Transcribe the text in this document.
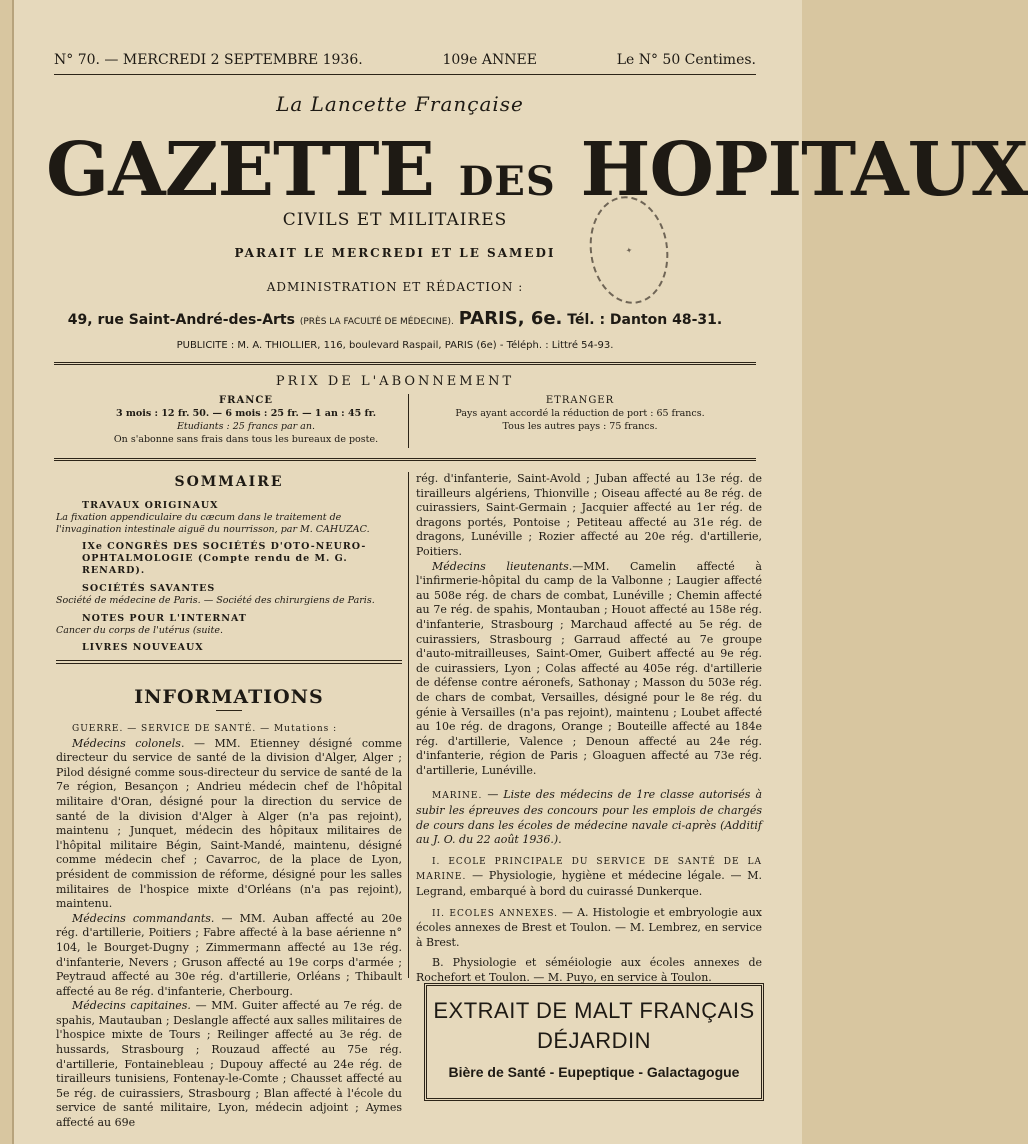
N° 70. — MERCREDI 2 SEPTEMBRE 1936.	109e ANNEE	Le N° 50 Centimes.
La Lancette Française
GAZETTE DES HOPITAUX
✦
CIVILS ET MILITAIRES
PARAIT LE MERCREDI ET LE SAMEDI
ADMINISTRATION ET RÉDACTION :
49, rue Saint-André-des-Arts (PRÈS LA FACULTÉ DE MÉDECINE). PARIS, 6e. Tél. : Danton 48-31.
PUBLICITE : M. A. THIOLLIER, 116, boulevard Raspail, PARIS (6e) - Téléph. : Littré 54-93.
PRIX DE L'ABONNEMENT
FRANCE
3 mois : 12 fr. 50. — 6 mois : 25 fr. — 1 an : 45 fr.
Etudiants : 25 francs par an.
On s'abonne sans frais dans tous les bureaux de poste.
ETRANGER
Pays ayant accordé la réduction de port : 65 francs.
Tous les autres pays : 75 francs.
SOMMAIRE
TRAVAUX ORIGINAUX
La fixation appendiculaire du cæcum dans le traitement de l'invagination intestinale aiguë du nourrisson, par M. CAHUZAC.
IXe CONGRÈS DES SOCIÉTÉS D'OTO-NEURO-OPHTALMOLOGIE (Compte rendu de M. G. RENARD).
SOCIÉTÉS SAVANTES
Société de médecine de Paris. — Société des chirurgiens de Paris.
NOTES POUR L'INTERNAT
Cancer du corps de l'utérus (suite.
LIVRES NOUVEAUX
INFORMATIONS

GUERRE. — SERVICE DE SANTÉ. — Mutations :

Médecins colonels. — MM. Etienney désigné comme directeur du service de santé de la division d'Alger, Alger ; Pilod désigné comme sous-directeur du service de santé de la 7e région, Besançon ; Andrieu médecin chef de l'hôpital militaire d'Oran, désigné pour la direction du service de santé de la division d'Alger à Alger (n'a pas rejoint), maintenu ; Junquet, médecin des hôpitaux militaires de l'hôpital militaire Bégin, Saint-Mandé, maintenu, désigné comme médecin chef ; Cavarroc, de la place de Lyon, président de commission de réforme, désigné pour les salles militaires de l'hospice mixte d'Orléans (n'a pas rejoint), maintenu.

Médecins commandants. — MM. Auban affecté au 20e rég. d'artillerie, Poitiers ; Fabre affecté à la base aérienne n° 104, le Bourget-Dugny ; Zimmermann affecté au 13e rég. d'infanterie, Nevers ; Gruson affecté au 19e corps d'armée ; Peytraud affecté au 30e rég. d'artillerie, Orléans ; Thibault affecté au 8e rég. d'infanterie, Cherbourg.

Médecins capitaines. — MM. Guiter affecté au 7e rég. de spahis, Mautauban ; Deslangle affecté aux salles militaires de l'hospice mixte de Tours ; Reilinger affecté au 3e rég. de hussards, Strasbourg ; Rouzaud affecté au 75e rég. d'artillerie, Fontainebleau ; Dupouy affecté au 24e rég. de tirailleurs tunisiens, Fontenay-le-Comte ; Chausset affecté au 5e rég. de cuirassiers, Strasbourg ; Blan affecté à l'école du service de santé militaire, Lyon, médecin adjoint ; Aymes affecté au 69e

rég. d'infanterie, Saint-Avold ; Juban affecté au 13e rég. de tirailleurs algériens, Thionville ; Oiseau affecté au 8e rég. de cuirassiers, Saint-Germain ; Jacquier affecté au 1er rég. de dragons portés, Pontoise ; Petiteau affecté au 31e rég. de dragons, Lunéville ; Rozier affecté au 20e rég. d'artillerie, Poitiers.

Médecins lieutenants.—MM. Camelin affecté à l'infirmerie-hôpital du camp de la Valbonne ; Laugier affecté au 508e rég. de chars de combat, Lunéville ; Chemin affecté au 7e rég. de spahis, Montauban ; Houot affecté au 158e rég. d'infanterie, Strasbourg ; Marchaud affecté au 5e rég. de cuirassiers, Strasbourg ; Garraud affecté au 7e groupe d'auto-mitrailleuses, Saint-Omer, Guibert affecté au 9e rég. de cuirassiers, Lyon ; Colas affecté au 405e rég. d'artillerie de défense contre aéronefs, Sathonay ; Masson du 503e rég. de chars de combat, Versailles, désigné pour le 8e rég. du génie à Versailles (n'a pas rejoint), maintenu ; Loubet affecté au 10e rég. de dragons, Orange ; Bouteille affecté au 184e rég. d'artillerie, Valence ; Denoun affecté au 24e rég. d'infanterie, région de Paris ; Gloaguen affecté au 73e rég. d'artillerie, Lunéville.

MARINE. — Liste des médecins de 1re classe autorisés à subir les épreuves des concours pour les emplois de chargés de cours dans les écoles de médecine navale ci-après (Additif au J. O. du 22 août 1936.).

I. ECOLE PRINCIPALE DU SERVICE DE SANTÉ DE LA MARINE. — Physiologie, hygiène et médecine légale. — M. Legrand, embarqué à bord du cuirassé Dunkerque.

II. ECOLES ANNEXES. — A. Histologie et embryologie aux écoles annexes de Brest et Toulon. — M. Lembrez, en service à Brest.

B. Physiologie et séméiologie aux écoles annexes de Rochefort et Toulon. — M. Puyo, en service à Toulon.

EXTRAIT DE MALT FRANÇAIS
DÉJARDIN
Bière de Santé - Eupeptique - Galactagogue
